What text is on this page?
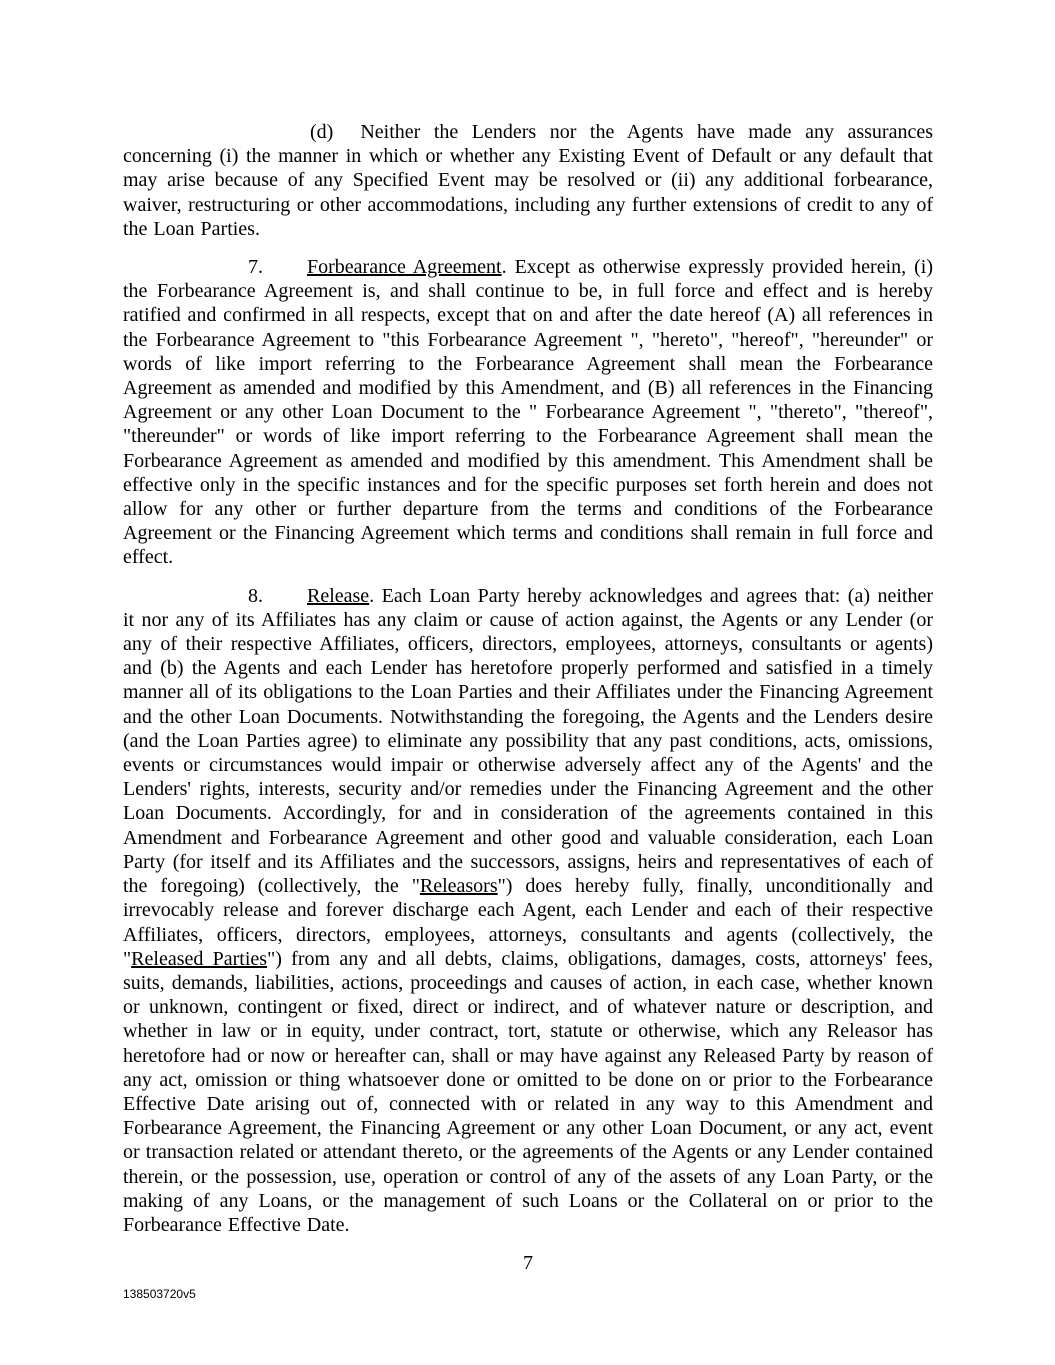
(d) Neither the Lenders nor the Agents have made any assurances concerning (i) the manner in which or whether any Existing Event of Default or any default that may arise because of any Specified Event may be resolved or (ii) any additional forbearance, waiver, restructuring or other accommodations, including any further extensions of credit to any of the Loan Parties.

7. Forbearance Agreement. Except as otherwise expressly provided herein, (i) the Forbearance Agreement is, and shall continue to be, in full force and effect and is hereby ratified and confirmed in all respects, except that on and after the date hereof (A) all references in the Forbearance Agreement to "this Forbearance Agreement ", "hereto", "hereof", "hereunder" or words of like import referring to the Forbearance Agreement shall mean the Forbearance Agreement as amended and modified by this Amendment, and (B) all references in the Financing Agreement or any other Loan Document to the " Forbearance Agreement ", "thereto", "thereof", "thereunder" or words of like import referring to the Forbearance Agreement shall mean the Forbearance Agreement as amended and modified by this amendment. This Amendment shall be effective only in the specific instances and for the specific purposes set forth herein and does not allow for any other or further departure from the terms and conditions of the Forbearance Agreement or the Financing Agreement which terms and conditions shall remain in full force and effect.

8. Release. Each Loan Party hereby acknowledges and agrees that: (a) neither it nor any of its Affiliates has any claim or cause of action against, the Agents or any Lender (or any of their respective Affiliates, officers, directors, employees, attorneys, consultants or agents) and (b) the Agents and each Lender has heretofore properly performed and satisfied in a timely manner all of its obligations to the Loan Parties and their Affiliates under the Financing Agreement and the other Loan Documents. Notwithstanding the foregoing, the Agents and the Lenders desire (and the Loan Parties agree) to eliminate any possibility that any past conditions, acts, omissions, events or circumstances would impair or otherwise adversely affect any of the Agents' and the Lenders' rights, interests, security and/or remedies under the Financing Agreement and the other Loan Documents. Accordingly, for and in consideration of the agreements contained in this Amendment and Forbearance Agreement and other good and valuable consideration, each Loan Party (for itself and its Affiliates and the successors, assigns, heirs and representatives of each of the foregoing) (collectively, the "Releasors") does hereby fully, finally, unconditionally and irrevocably release and forever discharge each Agent, each Lender and each of their respective Affiliates, officers, directors, employees, attorneys, consultants and agents (collectively, the "Released Parties") from any and all debts, claims, obligations, damages, costs, attorneys' fees, suits, demands, liabilities, actions, proceedings and causes of action, in each case, whether known or unknown, contingent or fixed, direct or indirect, and of whatever nature or description, and whether in law or in equity, under contract, tort, statute or otherwise, which any Releasor has heretofore had or now or hereafter can, shall or may have against any Released Party by reason of any act, omission or thing whatsoever done or omitted to be done on or prior to the Forbearance Effective Date arising out of, connected with or related in any way to this Amendment and Forbearance Agreement, the Financing Agreement or any other Loan Document, or any act, event or transaction related or attendant thereto, or the agreements of the Agents or any Lender contained therein, or the possession, use, operation or control of any of the assets of any Loan Party, or the making of any Loans, or the management of such Loans or the Collateral on or prior to the Forbearance Effective Date.

7

138503720v5
